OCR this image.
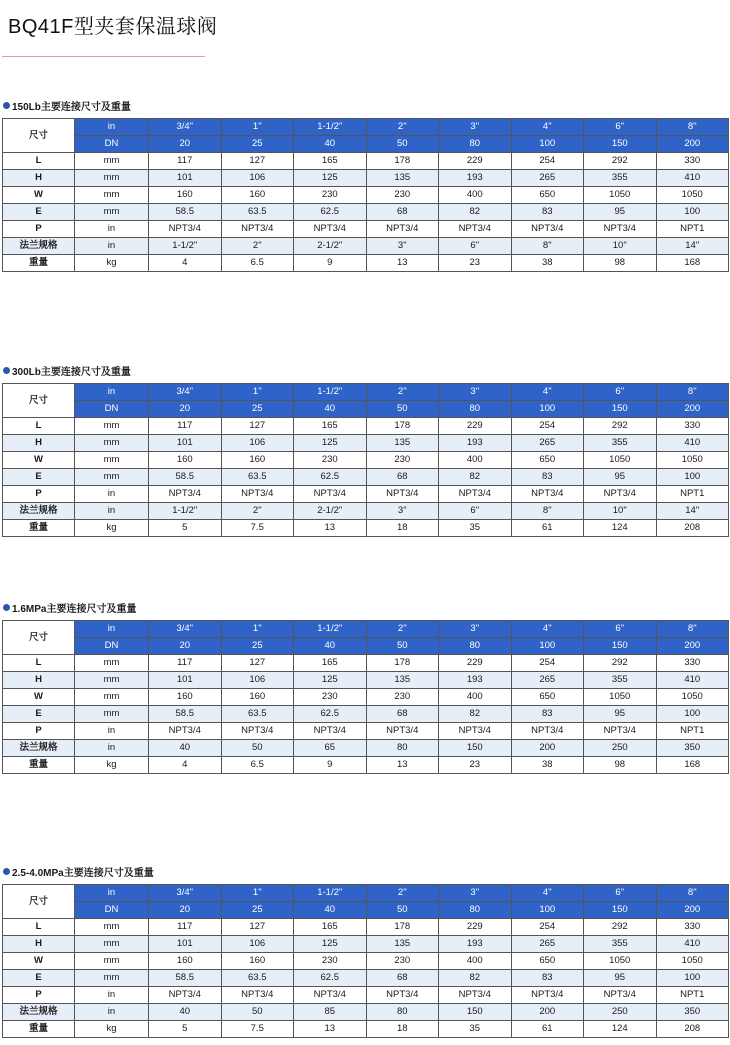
BQ41F型夹套保温球阀
150Lb主要连接尺寸及重量
尺寸	in	3/4"	1"	1-1/2"	2"	3"	4"	6"	8"
	DN	20	25	40	50	80	100	150	200
L	mm	117	127	165	178	229	254	292	330
H	mm	101	106	125	135	193	265	355	410
W	mm	160	160	230	230	400	650	1050	1050
E	mm	58.5	63.5	62.5	68	82	83	95	100
P	in	NPT3/4	NPT3/4	NPT3/4	NPT3/4	NPT3/4	NPT3/4	NPT3/4	NPT1
法兰规格	in	1-1/2"	2"	2-1/2"	3"	6"	8"	10"	14"
重量	kg	4	6.5	9	13	23	38	98	168
300Lb主要连接尺寸及重量
尺寸	in	3/4"	1"	1-1/2"	2"	3"	4"	6"	8"
	DN	20	25	40	50	80	100	150	200
L	mm	117	127	165	178	229	254	292	330
H	mm	101	106	125	135	193	265	355	410
W	mm	160	160	230	230	400	650	1050	1050
E	mm	58.5	63.5	62.5	68	82	83	95	100
P	in	NPT3/4	NPT3/4	NPT3/4	NPT3/4	NPT3/4	NPT3/4	NPT3/4	NPT1
法兰规格	in	1-1/2"	2"	2-1/2"	3"	6"	8"	10"	14"
重量	kg	5	7.5	13	18	35	61	124	208
1.6MPa主要连接尺寸及重量
尺寸	in	3/4"	1"	1-1/2"	2"	3"	4"	6"	8"
	DN	20	25	40	50	80	100	150	200
L	mm	117	127	165	178	229	254	292	330
H	mm	101	106	125	135	193	265	355	410
W	mm	160	160	230	230	400	650	1050	1050
E	mm	58.5	63.5	62.5	68	82	83	95	100
P	in	NPT3/4	NPT3/4	NPT3/4	NPT3/4	NPT3/4	NPT3/4	NPT3/4	NPT1
法兰规格	in	40	50	65	80	150	200	250	350
重量	kg	4	6.5	9	13	23	38	98	168
2.5-4.0MPa主要连接尺寸及重量
尺寸	in	3/4"	1"	1-1/2"	2"	3"	4"	6"	8"
	DN	20	25	40	50	80	100	150	200
L	mm	117	127	165	178	229	254	292	330
H	mm	101	106	125	135	193	265	355	410
W	mm	160	160	230	230	400	650	1050	1050
E	mm	58.5	63.5	62.5	68	82	83	95	100
P	in	NPT3/4	NPT3/4	NPT3/4	NPT3/4	NPT3/4	NPT3/4	NPT3/4	NPT1
法兰规格	in	40	50	85	80	150	200	250	350
重量	kg	5	7.5	13	18	35	61	124	208
